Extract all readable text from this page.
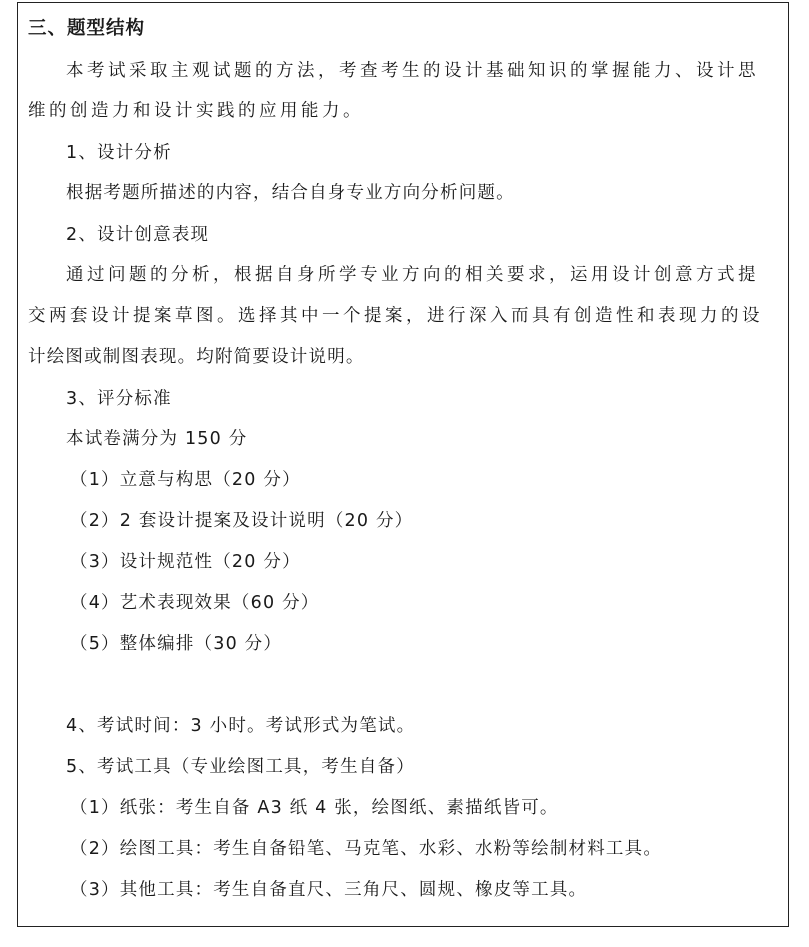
三、题型结构
本考试采取主观试题的方法，考查考生的设计基础知识的掌握能力、设计思
维的创造力和设计实践的应用能力。
1、设计分析
根据考题所描述的内容，结合自身专业方向分析问题。
2、设计创意表现
通过问题的分析，根据自身所学专业方向的相关要求，运用设计创意方式提
交两套设计提案草图。选择其中一个提案，进行深入而具有创造性和表现力的设
计绘图或制图表现。均附简要设计说明。
3、评分标准
本试卷满分为 150 分
（1）立意与构思（20 分）
（2）2 套设计提案及设计说明（20 分）
（3）设计规范性（20 分）
（4）艺术表现效果（60 分）
（5）整体编排（30 分）
4、考试时间：3 小时。考试形式为笔试。
5、考试工具（专业绘图工具，考生自备）
（1）纸张：考生自备 A3 纸 4 张，绘图纸、素描纸皆可。
（2）绘图工具：考生自备铅笔、马克笔、水彩、水粉等绘制材料工具。
（3）其他工具：考生自备直尺、三角尺、圆规、橡皮等工具。
